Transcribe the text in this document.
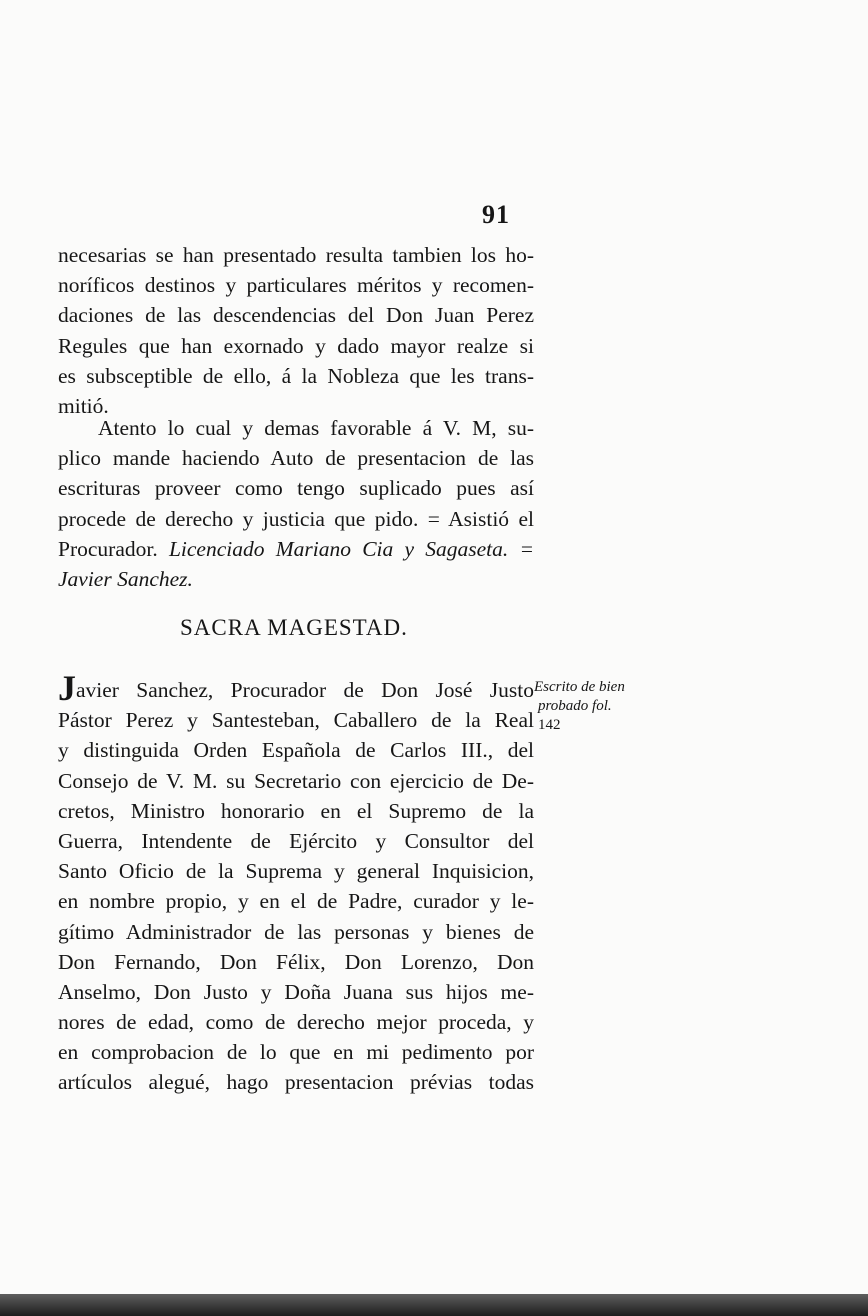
91
necesarias se han presentado resulta tambien los ho-
noríficos destinos y particulares méritos y recomen-
daciones de las descendencias del Don Juan Perez
Regules que han exornado y dado mayor realze si
es subsceptible de ello, á la Nobleza que les trans-
mitió.
Atento lo cual y demas favorable á V. M, su-
plico mande haciendo Auto de presentacion de las
escrituras proveer como tengo suplicado pues así
procede de derecho y justicia que pido. = Asistió el
Procurador. Licenciado Mariano Cia y Sagaseta. =
Javier Sanchez.
SACRA MAGESTAD.
Escrito de bien
probado fol.
142
Javier Sanchez, Procurador de Don José Justo
Pástor Perez y Santesteban, Caballero de la Real
y distinguida Orden Española de Carlos III., del
Consejo de V. M. su Secretario con ejercicio de De-
cretos, Ministro honorario en el Supremo de la
Guerra, Intendente de Ejército y Consultor del
Santo Oficio de la Suprema y general Inquisicion,
en nombre propio, y en el de Padre, curador y le-
gítimo Administrador de las personas y bienes de
Don Fernando, Don Félix, Don Lorenzo, Don
Anselmo, Don Justo y Doña Juana sus hijos me-
nores de edad, como de derecho mejor proceda, y
en comprobacion de lo que en mi pedimento por
artículos alegué, hago presentacion prévias todas
